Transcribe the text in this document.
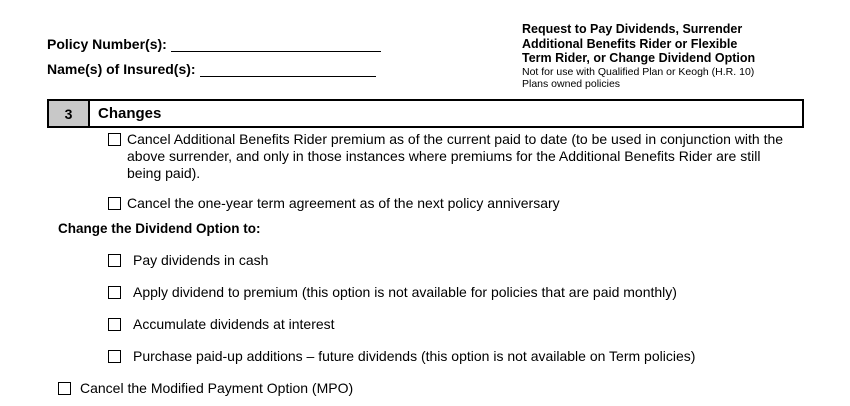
Policy Number(s):
Name(s) of Insured(s):
Request to Pay Dividends, Surrender
Additional Benefits Rider or Flexible
Term Rider, or Change Dividend Option
Not for use with Qualified Plan or Keogh (H.R. 10) Plans owned policies
3	Changes
Cancel Additional Benefits Rider premium as of the current paid to date (to be used in conjunction with the above surrender, and only in those instances where premiums for the Additional Benefits Rider are still being paid).
Cancel the one-year term agreement as of the next policy anniversary
Change the Dividend Option to:
Pay dividends in cash
Apply dividend to premium (this option is not available for policies that are paid monthly)
Accumulate dividends at interest
Purchase paid-up additions – future dividends (this option is not available on Term policies)
Cancel the Modified Payment Option (MPO)
